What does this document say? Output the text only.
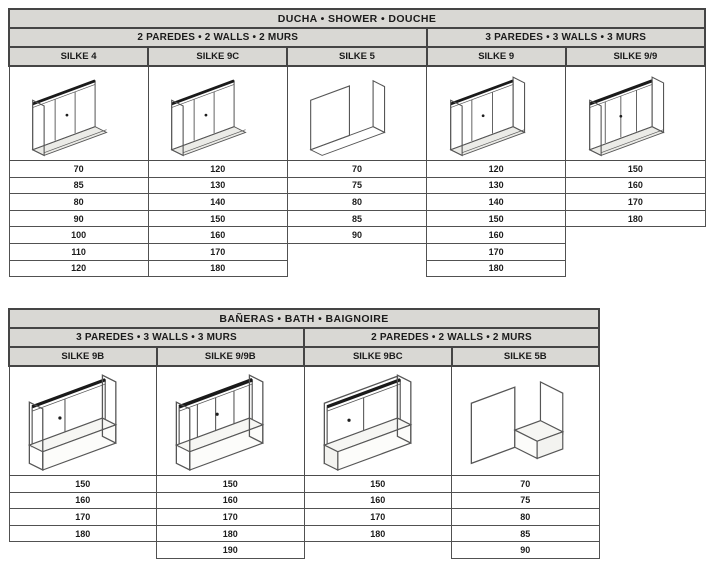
DUCHA • SHOWER • DOUCHE				
2 PAREDES • 2 WALLS • 2 MURS			3 PAREDES • 3 WALLS • 3 MURS	
SILKE 4	SILKE 9C	SILKE 5	SILKE 9	SILKE 9/9

70	120	70	120	150
85	130	75	130	160
80	140	80	140	170
90	150	85	150	180
100	160	90	160	
110	170		170	
120	180		180	
BAÑERAS • BATH • BAIGNOIRE			
3 PAREDES • 3 WALLS • 3 MURS		2 PAREDES • 2 WALLS • 2 MURS	
SILKE 9B	SILKE 9/9B	SILKE 9BC	SILKE 5B

150	150	150	70
160	160	160	75
170	170	170	80
180	180	180	85
	190		90
